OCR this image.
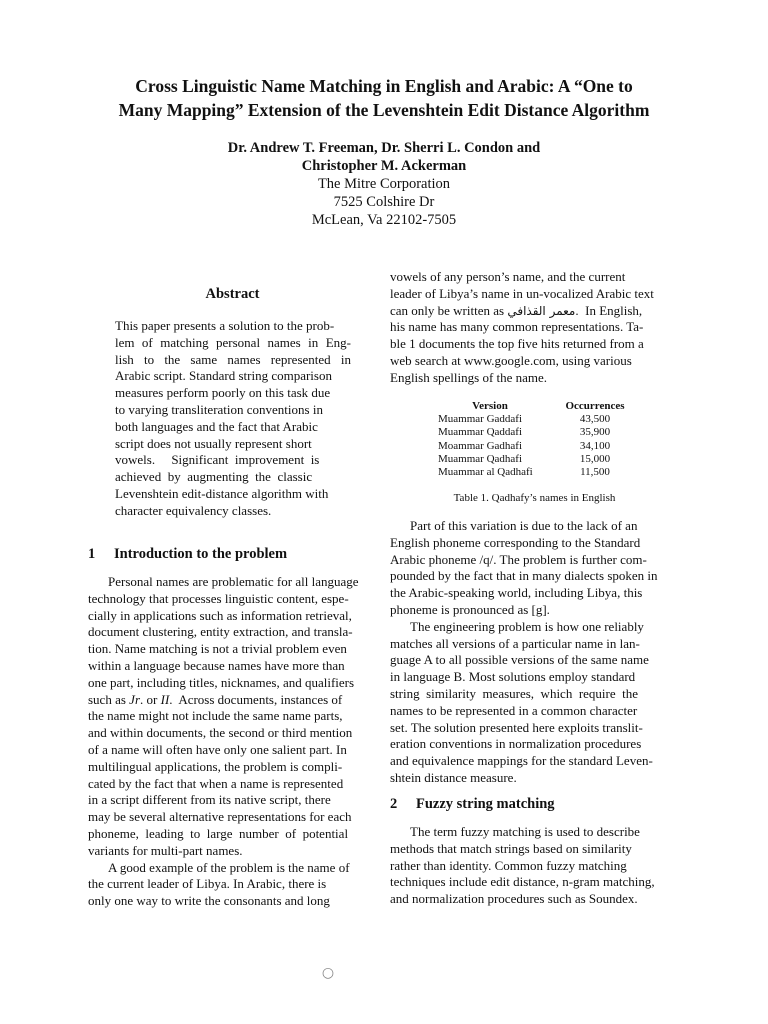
Cross Linguistic Name Matching in English and Arabic: A “One to
Many Mapping” Extension of the Levenshtein Edit Distance Algorithm
Dr. Andrew T. Freeman, Dr. Sherri L. Condon and
Christopher M. Ackerman
The Mitre Corporation
7525 Colshire Dr
McLean, Va 22102-7505
Abstract
This paper presents a solution to the prob-
lem of matching personal names in Eng-
lish to the same names represented in
Arabic script. Standard string comparison
measures perform poorly on this task due
to varying transliteration conventions in
both languages and the fact that Arabic
script does not usually represent short
vowels.     Significant  improvement  is
achieved  by  augmenting  the  classic
Levenshtein edit-distance algorithm with
character equivalency classes.
1 Introduction to the problem
Personal names are problematic for all language
technology that processes linguistic content, espe-
cially in applications such as information retrieval,
document clustering, entity extraction, and transla-
tion. Name matching is not a trivial problem even
within a language because names have more than
one part, including titles, nicknames, and qualifiers
such as Jr. or II.  Across documents, instances of
the name might not include the same name parts,
and within documents, the second or third mention
of a name will often have only one salient part. In
multilingual applications, the problem is compli-
cated by the fact that when a name is represented
in a script different from its native script, there
may be several alternative representations for each
phoneme,  leading  to  large  number  of  potential
variants for multi-part names.
A good example of the problem is the name of
the current leader of Libya. In Arabic, there is
only one way to write the consonants and long
vowels of any person’s name, and the current
leader of Libya’s name in un-vocalized Arabic text
can only be written as معمر القذافي.  In English,
his name has many common representations. Ta-
ble 1 documents the top five hits returned from a
web search at www.google.com, using various
English spellings of the name.
Version	Occurrences
Muammar Gaddafi	43,500
Muammar Qaddafi	35,900
Moammar Gadhafi	34,100
Muammar Qadhafi	15,000
Muammar al Qadhafi	11,500
Table 1. Qadhafy’s names in English
Part of this variation is due to the lack of an
English phoneme corresponding to the Standard
Arabic phoneme /q/. The problem is further com-
pounded by the fact that in many dialects spoken in
the Arabic-speaking world, including Libya, this
phoneme is pronounced as [g].
The engineering problem is how one reliably
matches all versions of a particular name in lan-
guage A to all possible versions of the same name
in language B. Most solutions employ standard
string  similarity  measures,  which  require  the
names to be represented in a common character
set. The solution presented here exploits translit-
eration conventions in normalization procedures
and equivalence mappings for the standard Leven-
shtein distance measure.
2 Fuzzy string matching
The term fuzzy matching is used to describe
methods that match strings based on similarity
rather than identity. Common fuzzy matching
techniques include edit distance, n-gram matching,
and normalization procedures such as Soundex.
○
